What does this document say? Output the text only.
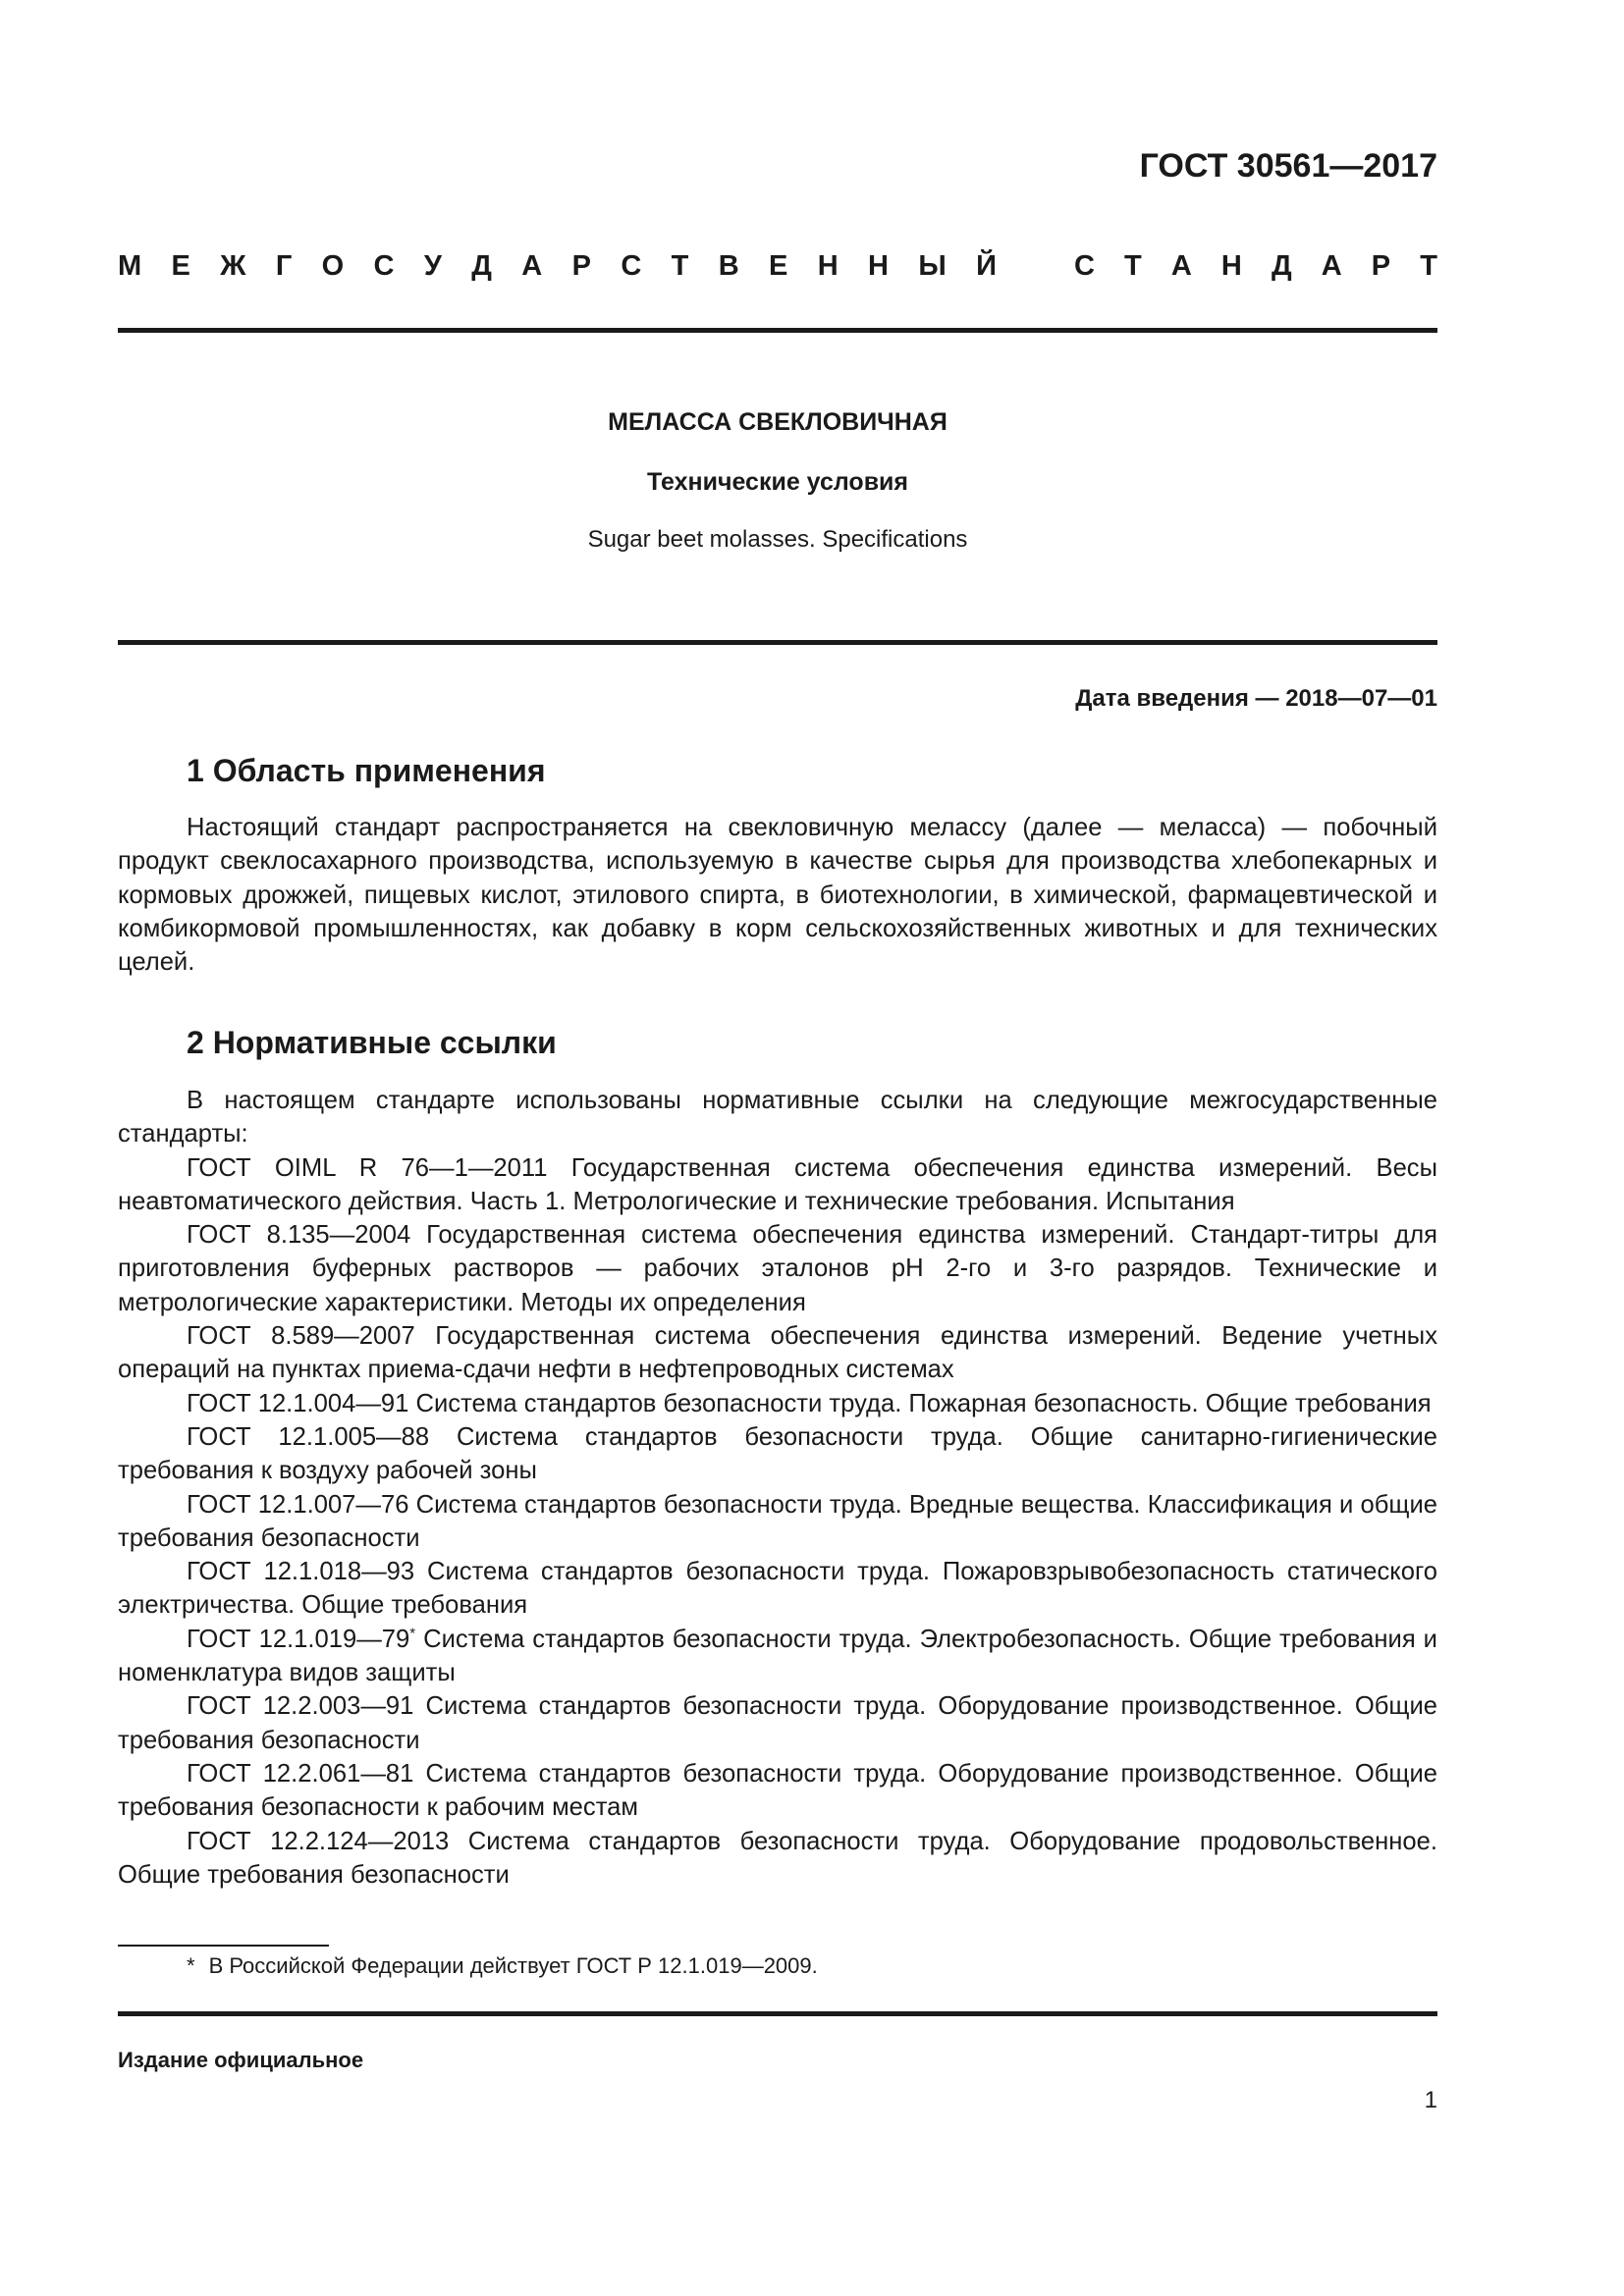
ГОСТ 30561—2017
М Е Ж Г О С У Д А Р С Т В Е Н Н Ы Й	С Т А Н Д А Р Т
МЕЛАССА СВЕКЛОВИЧНАЯ
Технические условия
Sugar beet molasses. Specifications
Дата введения — 2018—07—01
1 Область применения

Настоящий стандарт распространяется на свекловичную мелассу (далее — меласса) — побочный продукт свеклосахарного производства, используемую в качестве сырья для производства хлебопекарных и кормовых дрожжей, пищевых кислот, этилового спирта, в биотехнологии, в химической, фармацевтической и комбикормовой промышленностях, как добавку в корм сельскохозяйственных животных и для технических целей.

2 Нормативные ссылки

В настоящем стандарте использованы нормативные ссылки на следующие межгосударственные стандарты:

ГОСТ OIML R 76—1—2011 Государственная система обеспечения единства измерений. Весы неавтоматического действия. Часть 1. Метрологические и технические требования. Испытания

ГОСТ 8.135—2004 Государственная система обеспечения единства измерений. Стандарт-титры для приготовления буферных растворов — рабочих эталонов pH 2-го и 3-го разрядов. Технические и метрологические характеристики. Методы их определения

ГОСТ 8.589—2007 Государственная система обеспечения единства измерений. Ведение учетных операций на пунктах приема-сдачи нефти в нефтепроводных системах

ГОСТ 12.1.004—91 Система стандартов безопасности труда. Пожарная безопасность. Общие требования

ГОСТ 12.1.005—88 Система стандартов безопасности труда. Общие санитарно-гигиенические требования к воздуху рабочей зоны

ГОСТ 12.1.007—76 Система стандартов безопасности труда. Вредные вещества. Классификация и общие требования безопасности

ГОСТ 12.1.018—93 Система стандартов безопасности труда. Пожаровзрывобезопасность статического электричества. Общие требования

ГОСТ 12.1.019—79* Система стандартов безопасности труда. Электробезопасность. Общие требования и номенклатура видов защиты

ГОСТ 12.2.003—91 Система стандартов безопасности труда. Оборудование производственное. Общие требования безопасности

ГОСТ 12.2.061—81 Система стандартов безопасности труда. Оборудование производственное. Общие требования безопасности к рабочим местам

ГОСТ 12.2.124—2013 Система стандартов безопасности труда. Оборудование продовольственное. Общие требования безопасности

* В Российской Федерации действует ГОСТ Р 12.1.019—2009.
Издание официальное
1
